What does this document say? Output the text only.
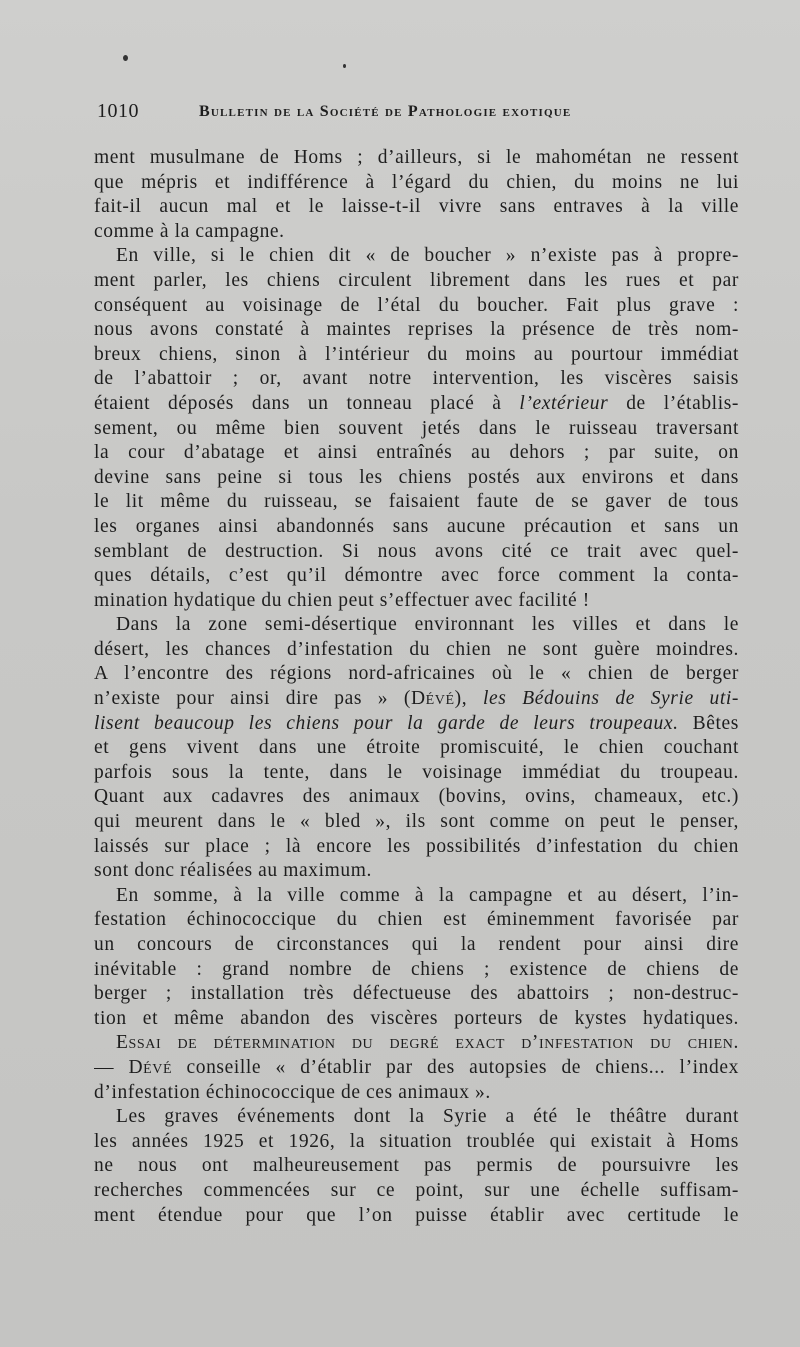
1010	Bulletin de la Société de Pathologie exotique
ment musulmane de Homs ; d’ailleurs, si le mahométan ne ressent
que mépris et indifférence à l’égard du chien, du moins ne lui
fait-il aucun mal et le laisse-t-il vivre sans entraves à la ville
comme à la campagne.
En ville, si le chien dit « de boucher » n’existe pas à propre-
ment parler, les chiens circulent librement dans les rues et par
conséquent au voisinage de l’étal du boucher. Fait plus grave :
nous avons constaté à maintes reprises la présence de très nom-
breux chiens, sinon à l’intérieur du moins au pourtour immédiat
de l’abattoir ; or, avant notre intervention, les viscères saisis
étaient déposés dans un tonneau placé à l’extérieur de l’établis-
sement, ou même bien souvent jetés dans le ruisseau traversant
la cour d’abatage et ainsi entraînés au dehors ; par suite, on
devine sans peine si tous les chiens postés aux environs et dans
le lit même du ruisseau, se faisaient faute de se gaver de tous
les organes ainsi abandonnés sans aucune précaution et sans un
semblant de destruction. Si nous avons cité ce trait avec quel-
ques détails, c’est qu’il démontre avec force comment la conta-
mination hydatique du chien peut s’effectuer avec facilité !
Dans la zone semi-désertique environnant les villes et dans le
désert, les chances d’infestation du chien ne sont guère moindres.
A l’encontre des régions nord-africaines où le « chien de berger
n’existe pour ainsi dire pas » (Dévé), les Bédouins de Syrie uti-
lisent beaucoup les chiens pour la garde de leurs troupeaux. Bêtes
et gens vivent dans une étroite promiscuité, le chien couchant
parfois sous la tente, dans le voisinage immédiat du troupeau.
Quant aux cadavres des animaux (bovins, ovins, chameaux, etc.)
qui meurent dans le « bled », ils sont comme on peut le penser,
laissés sur place ; là encore les possibilités d’infestation du chien
sont donc réalisées au maximum.
En somme, à la ville comme à la campagne et au désert, l’in-
festation échinococcique du chien est éminemment favorisée par
un concours de circonstances qui la rendent pour ainsi dire
inévitable : grand nombre de chiens ; existence de chiens de
berger ; installation très défectueuse des abattoirs ; non-destruc-
tion et même abandon des viscères porteurs de kystes hydatiques.
Essai de détermination du degré exact d’infestation du chien.
— Dévé conseille « d’établir par des autopsies de chiens... l’index
d’infestation échinococcique de ces animaux ».
Les graves événements dont la Syrie a été le théâtre durant
les années 1925 et 1926, la situation troublée qui existait à Homs
ne nous ont malheureusement pas permis de poursuivre les
recherches commencées sur ce point, sur une échelle suffisam-
ment étendue pour que l’on puisse établir avec certitude le
